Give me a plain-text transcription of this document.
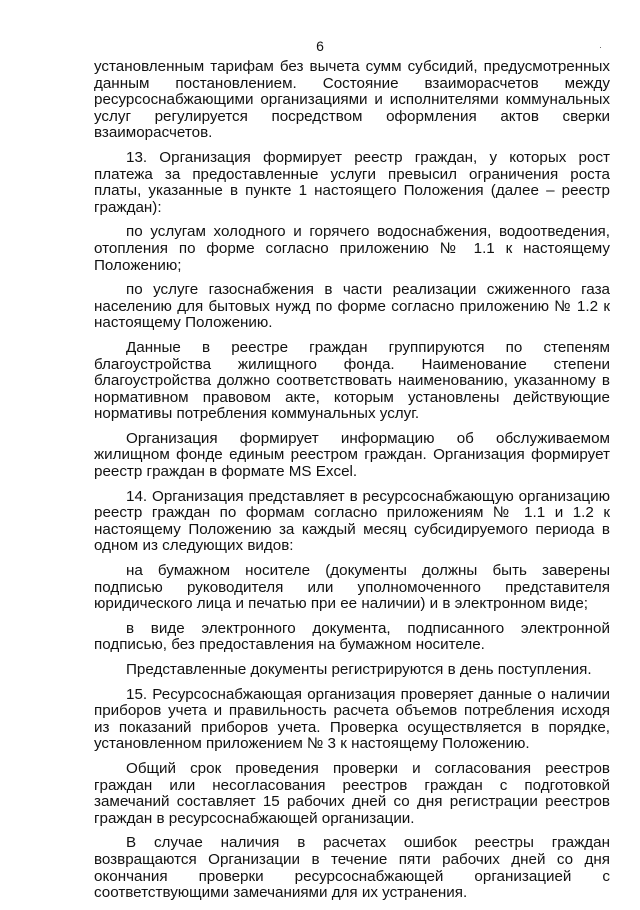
6	·

установленным тарифам без вычета сумм субсидий, предусмотренных данным постановлением. Состояние взаиморасчетов между ресурсоснабжающими организациями и исполнителями коммунальных услуг регулируется посредством оформления актов сверки взаиморасчетов.

13. Организация формирует реестр граждан, у которых рост платежа за предоставленные услуги превысил ограничения роста платы, указанные в пункте 1 настоящего Положения (далее – реестр граждан):

по услугам холодного и горячего водоснабжения, водоотведения, отопления по форме согласно приложению № 1.1 к настоящему Положению;

по услуге газоснабжения в части реализации сжиженного газа населению для бытовых нужд по форме согласно приложению № 1.2 к настоящему Положению.

Данные в реестре граждан группируются по степеням благоустройства жилищного фонда. Наименование степени благоустройства должно соответствовать наименованию, указанному в нормативном правовом акте, которым установлены действующие нормативы потребления коммунальных услуг.

Организация формирует информацию об обслуживаемом жилищном фонде единым реестром граждан. Организация формирует реестр граждан в формате MS Excel.

14. Организация представляет в ресурсоснабжающую организацию реестр граждан по формам согласно приложениям № 1.1 и 1.2 к настоящему Положению за каждый месяц субсидируемого периода в одном из следующих видов:

на бумажном носителе (документы должны быть заверены подписью руководителя или уполномоченного представителя юридического лица и печатью при ее наличии) и в электронном виде;

в виде электронного документа, подписанного электронной подписью, без предоставления на бумажном носителе.

Представленные документы регистрируются в день поступления.

15. Ресурсоснабжающая организация проверяет данные о наличии приборов учета и правильность расчета объемов потребления исходя из показаний приборов учета. Проверка осуществляется в порядке, установленном приложением № 3 к настоящему Положению.

Общий срок проведения проверки и согласования реестров граждан или несогласования реестров граждан с подготовкой замечаний составляет 15 рабочих дней со дня регистрации реестров граждан в ресурсоснабжающей организации.

В случае наличия в расчетах ошибок реестры граждан возвращаются Организации в течение пяти рабочих дней со дня окончания проверки ресурсоснабжающей организацией с соответствующими замечаниями для их устранения.
